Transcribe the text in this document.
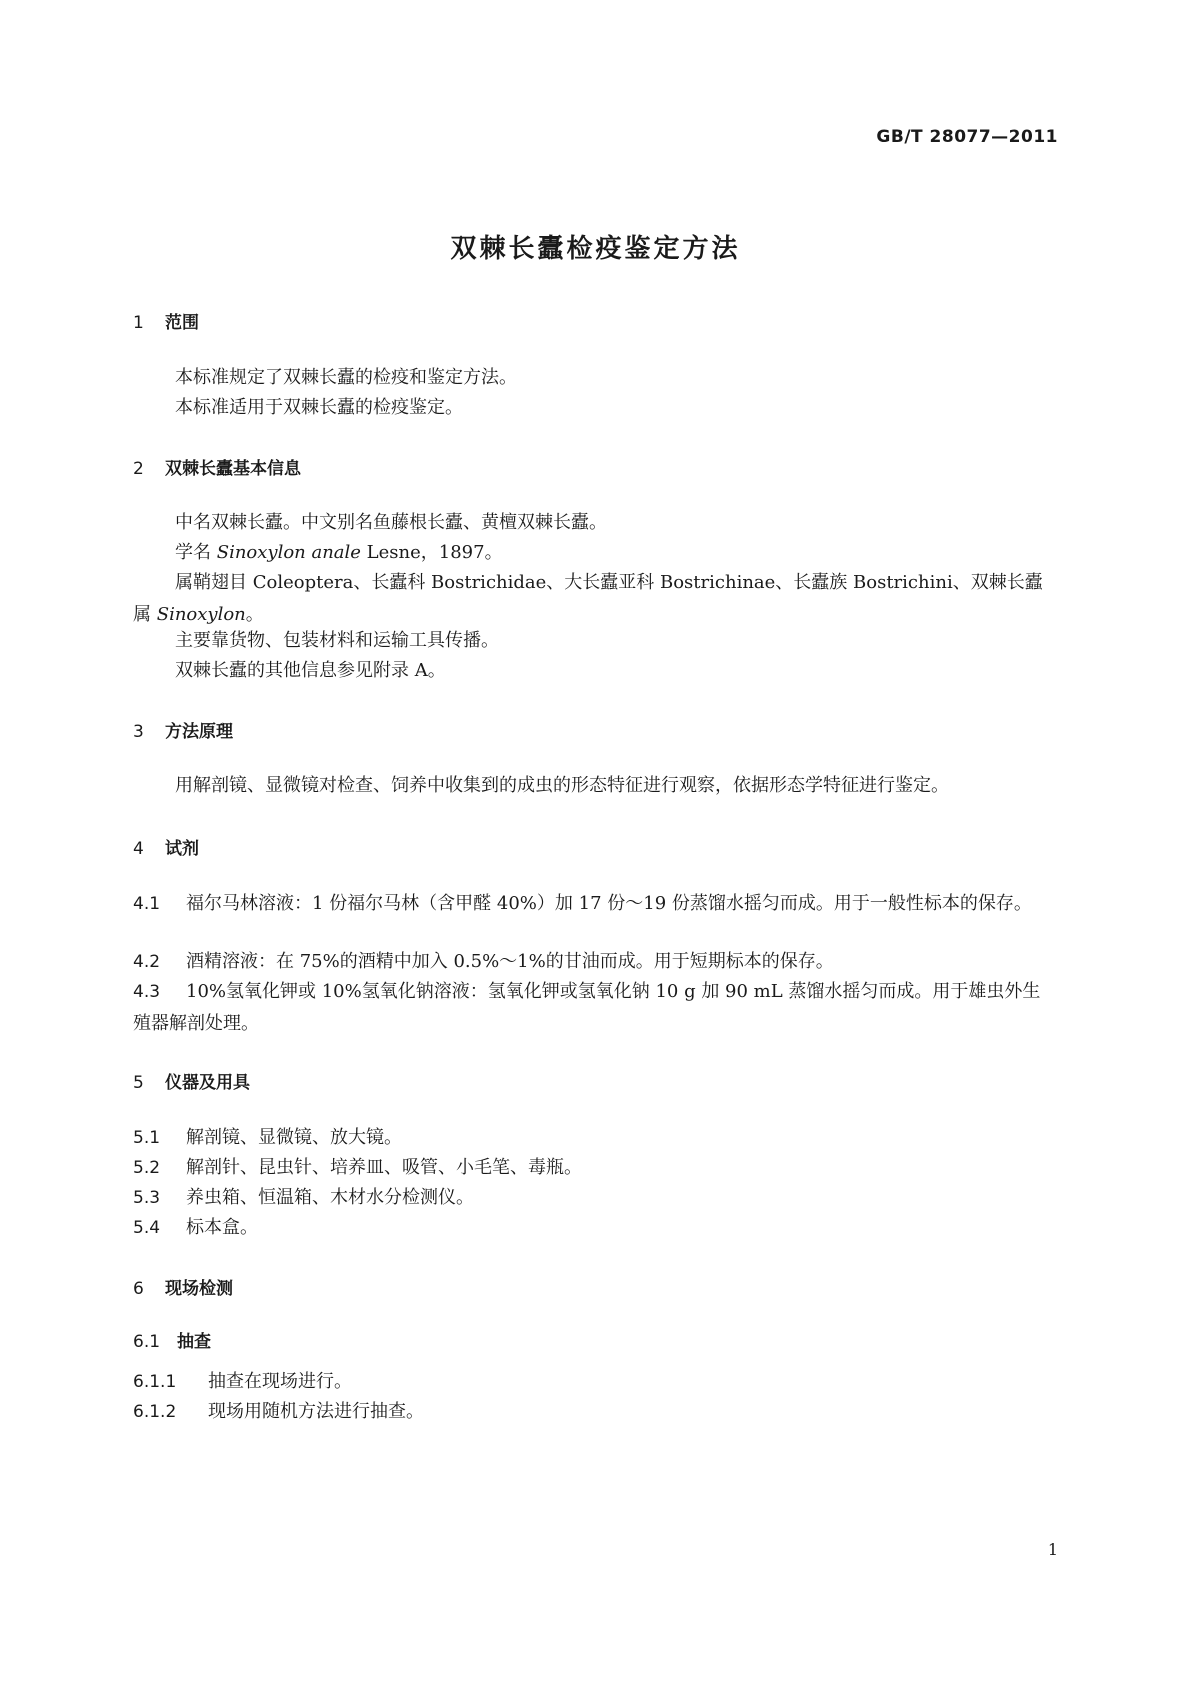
GB/T 28077—2011
双棘长蠹检疫鉴定方法
1 范围
本标准规定了双棘长蠹的检疫和鉴定方法。
本标准适用于双棘长蠹的检疫鉴定。
2 双棘长蠹基本信息
中名双棘长蠹。中文别名鱼藤根长蠹、黄檀双棘长蠹。
学名 Sinoxylon anale Lesne，1897。
属鞘翅目 Coleoptera、长蠹科 Bostrichidae、大长蠹亚科 Bostrichinae、长蠹族 Bostrichini、双棘长蠹属 Sinoxylon。
主要靠货物、包装材料和运输工具传播。
双棘长蠹的其他信息参见附录 A。
3 方法原理
用解剖镜、显微镜对检查、饲养中收集到的成虫的形态特征进行观察，依据形态学特征进行鉴定。
4 试剂
4.1 福尔马林溶液：1 份福尔马林（含甲醛 40%）加 17 份～19 份蒸馏水摇匀而成。用于一般性标本的保存。
4.2 酒精溶液：在 75%的酒精中加入 0.5%～1%的甘油而成。用于短期标本的保存。
4.3 10%氢氧化钾或 10%氢氧化钠溶液：氢氧化钾或氢氧化钠 10 g 加 90 mL 蒸馏水摇匀而成。用于雄虫外生殖器解剖处理。
5 仪器及用具
5.1 解剖镜、显微镜、放大镜。
5.2 解剖针、昆虫针、培养皿、吸管、小毛笔、毒瓶。
5.3 养虫箱、恒温箱、木材水分检测仪。
5.4 标本盒。
6 现场检测
6.1 抽查
6.1.1 抽查在现场进行。
6.1.2 现场用随机方法进行抽查。
1
